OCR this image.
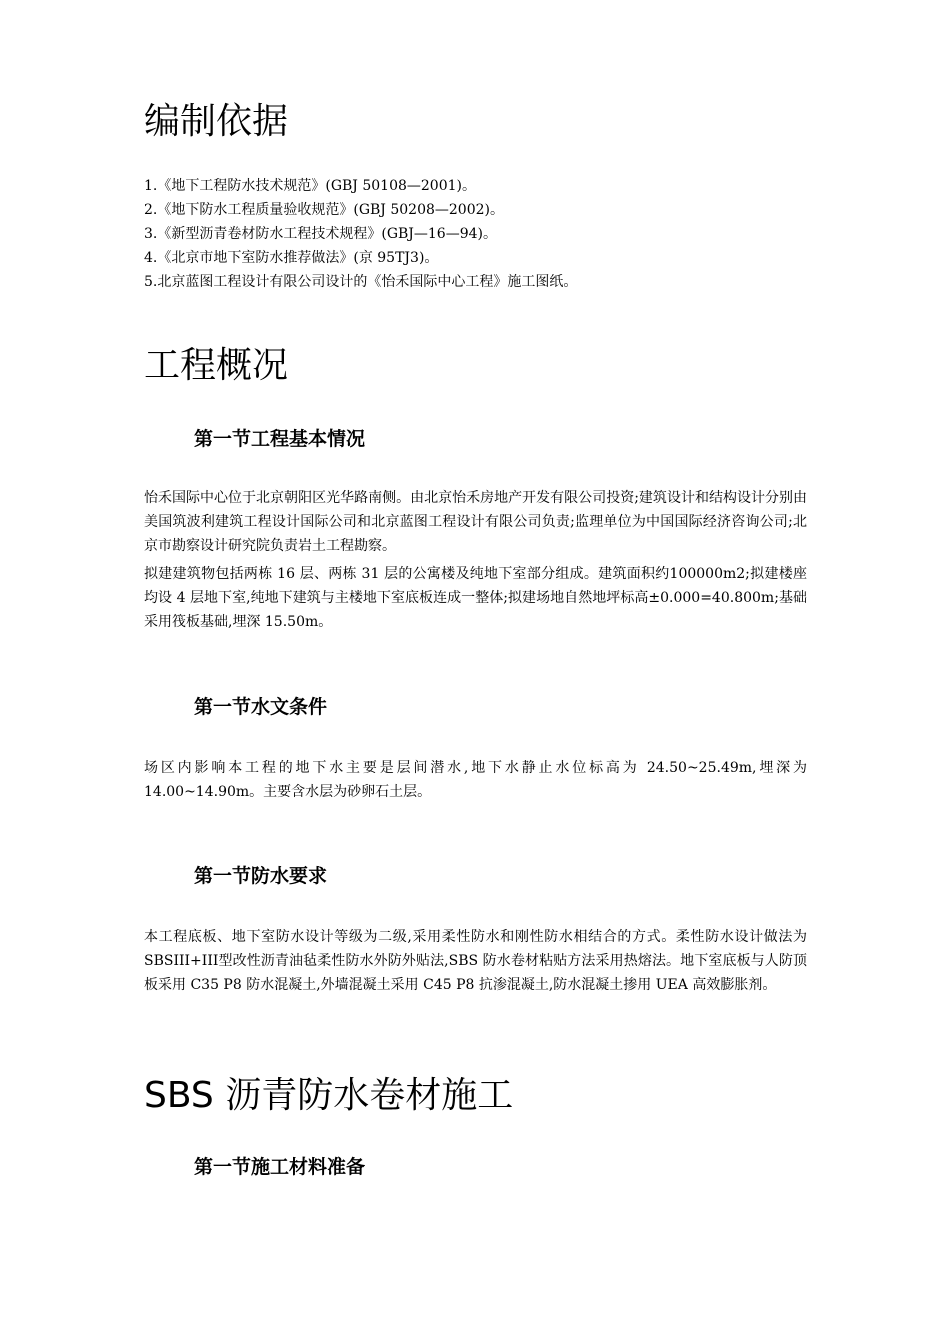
编制依据
1.《地下工程防水技术规范》(GBJ 50108—2001)。
2.《地下防水工程质量验收规范》(GBJ 50208—2002)。
3.《新型沥青卷材防水工程技术规程》(GBJ—16—94)。
4.《北京市地下室防水推荐做法》(京 95TJ3)。
5.北京蓝图工程设计有限公司设计的《怡禾国际中心工程》施工图纸。
工程概况
第一节工程基本情况

怡禾国际中心位于北京朝阳区光华路南侧。由北京怡禾房地产开发有限公司投资;建筑设计和结构设计分别由美国筑波利建筑工程设计国际公司和北京蓝图工程设计有限公司负责;监理单位为中国国际经济咨询公司;北京市勘察设计研究院负责岩土工程勘察。

拟建建筑物包括两栋 16 层、两栋 31 层的公寓楼及纯地下室部分组成。建筑面积约100000m2;拟建楼座均设 4 层地下室,纯地下建筑与主楼地下室底板连成一整体;拟建场地自然地坪标高±0.000=40.800m;基础采用筏板基础,埋深 15.50m。

第一节水文条件

场区内影响本工程的地下水主要是层间潜水,地下水静止水位标高为 24.50~25.49m,埋深为 14.00~14.90m。主要含水层为砂卵石土层。

第一节防水要求

本工程底板、地下室防水设计等级为二级,采用柔性防水和刚性防水相结合的方式。柔性防水设计做法为 SBSIII+III型改性沥青油毡柔性防水外防外贴法,SBS 防水卷材粘贴方法采用热熔法。地下室底板与人防顶板采用 C35 P8 防水混凝土,外墙混凝土采用 C45 P8 抗渗混凝土,防水混凝土掺用 UEA 高效膨胀剂。

SBS 沥青防水卷材施工
第一节施工材料准备
